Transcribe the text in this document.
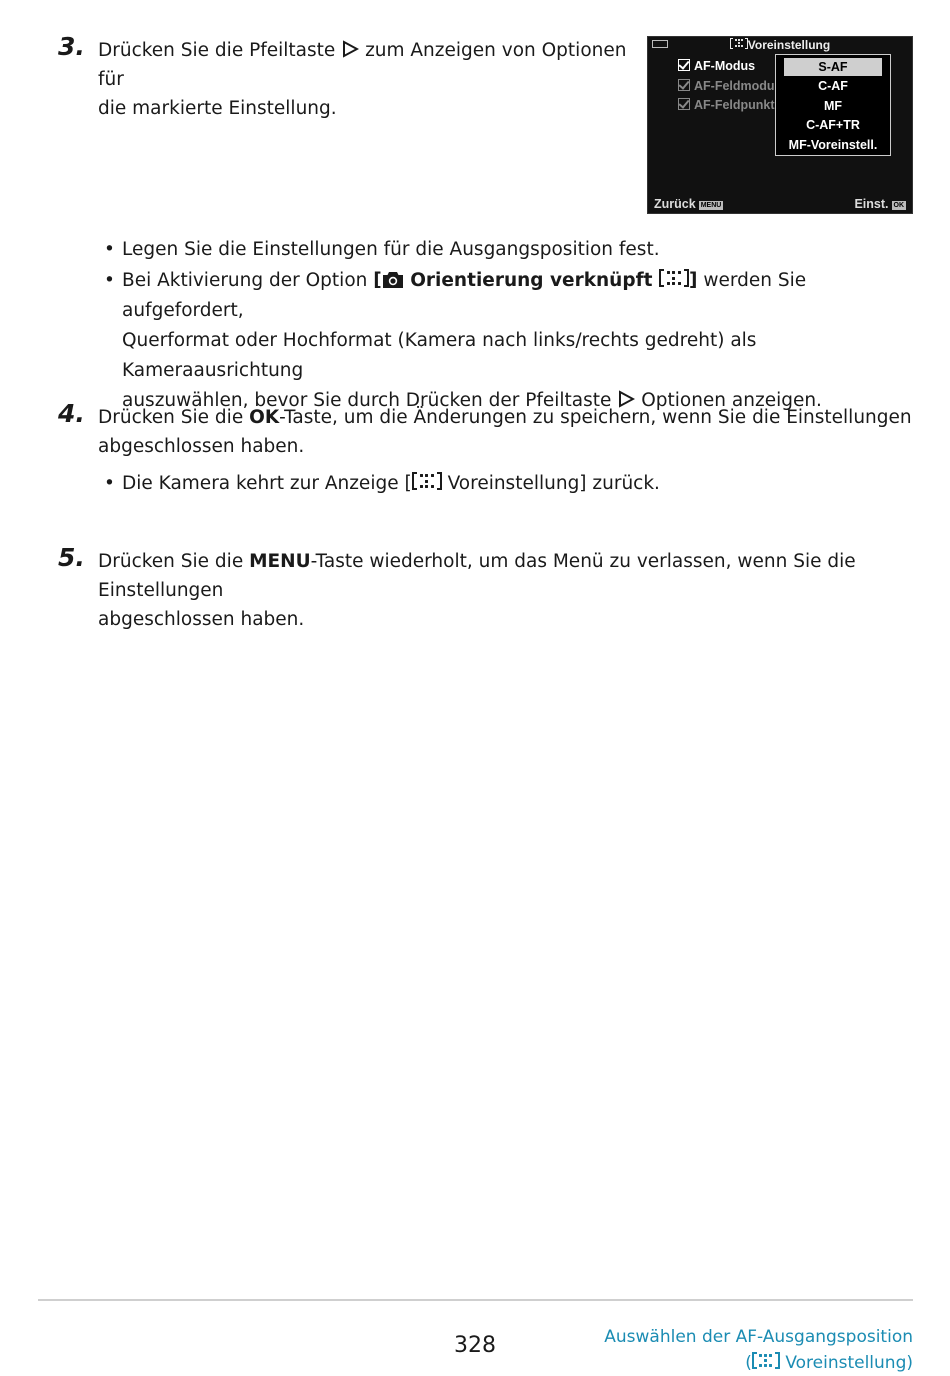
3. Drücken Sie die Pfeiltaste zum Anzeigen von Optionen für
die markierte Einstellung.
Voreinstellung
AF-Modus
AF-Feldmodu
AF-Feldpunkt
S-AF
C-AF
MF
C-AF+TR
MF-Voreinstell.
Zurück MENU	Einst. OK
• Legen Sie die Einstellungen für die Ausgangsposition fest.
• Bei Aktivierung der Option [ Orientierung verknüpft ] werden Sie aufgefordert,
Querformat oder Hochformat (Kamera nach links/rechts gedreht) als Kameraausrichtung
auszuwählen, bevor Sie durch Drücken der Pfeiltaste Optionen anzeigen.
4. Drücken Sie die OK-Taste, um die Änderungen zu speichern, wenn Sie die Einstellungen
abgeschlossen haben.
• Die Kamera kehrt zur Anzeige [ Voreinstellung] zurück.
5. Drücken Sie die MENU-Taste wiederholt, um das Menü zu verlassen, wenn Sie die Einstellungen
abgeschlossen haben.
328	Auswählen der AF-Ausgangsposition
( Voreinstellung)
